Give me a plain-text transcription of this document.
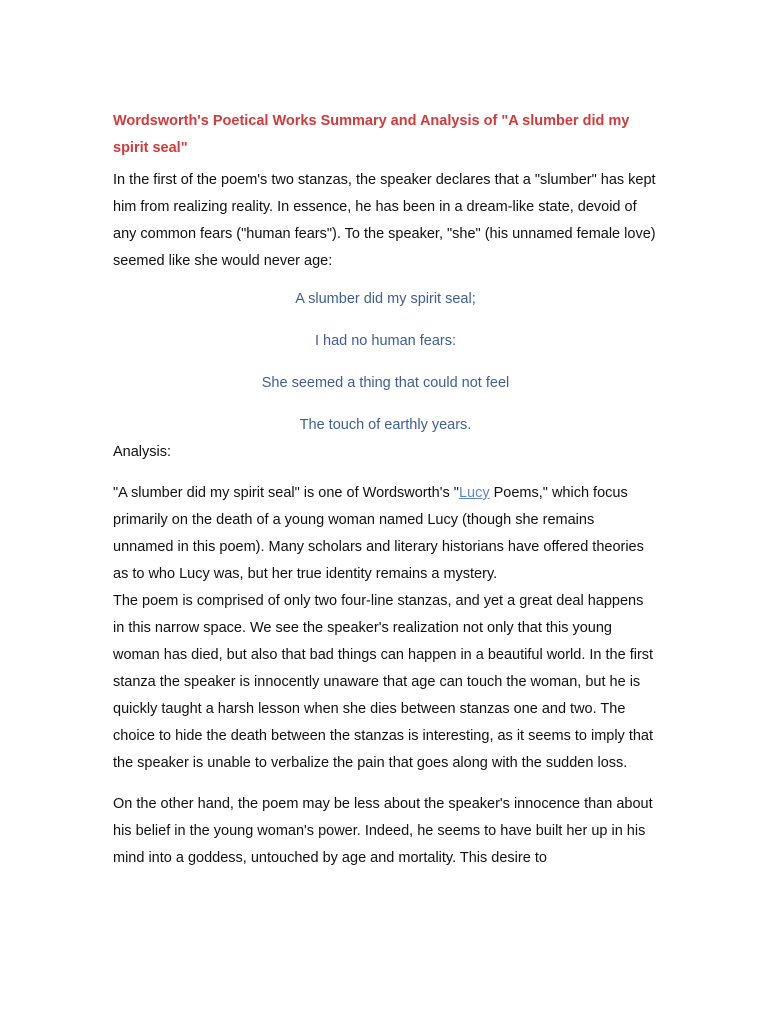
Wordsworth's Poetical Works Summary and Analysis of "A slumber did my spirit seal"

In the first of the poem's two stanzas, the speaker declares that a "slumber" has kept him from realizing reality. In essence, he has been in a dream-like state, devoid of any common fears ("human fears"). To the speaker, "she" (his unnamed female love) seemed like she would never age:

A slumber did my spirit seal;

I had no human fears:

She seemed a thing that could not feel

The touch of earthly years.

Analysis:

"A slumber did my spirit seal" is one of Wordsworth's "Lucy Poems," which focus primarily on the death of a young woman named Lucy (though she remains unnamed in this poem). Many scholars and literary historians have offered theories as to who Lucy was, but her true identity remains a mystery.

The poem is comprised of only two four-line stanzas, and yet a great deal happens in this narrow space. We see the speaker's realization not only that this young woman has died, but also that bad things can happen in a beautiful world. In the first stanza the speaker is innocently unaware that age can touch the woman, but he is quickly taught a harsh lesson when she dies between stanzas one and two. The choice to hide the death between the stanzas is interesting, as it seems to imply that the speaker is unable to verbalize the pain that goes along with the sudden loss.

On the other hand, the poem may be less about the speaker's innocence than about his belief in the young woman's power. Indeed, he seems to have built her up in his mind into a goddess, untouched by age and mortality. This desire to
